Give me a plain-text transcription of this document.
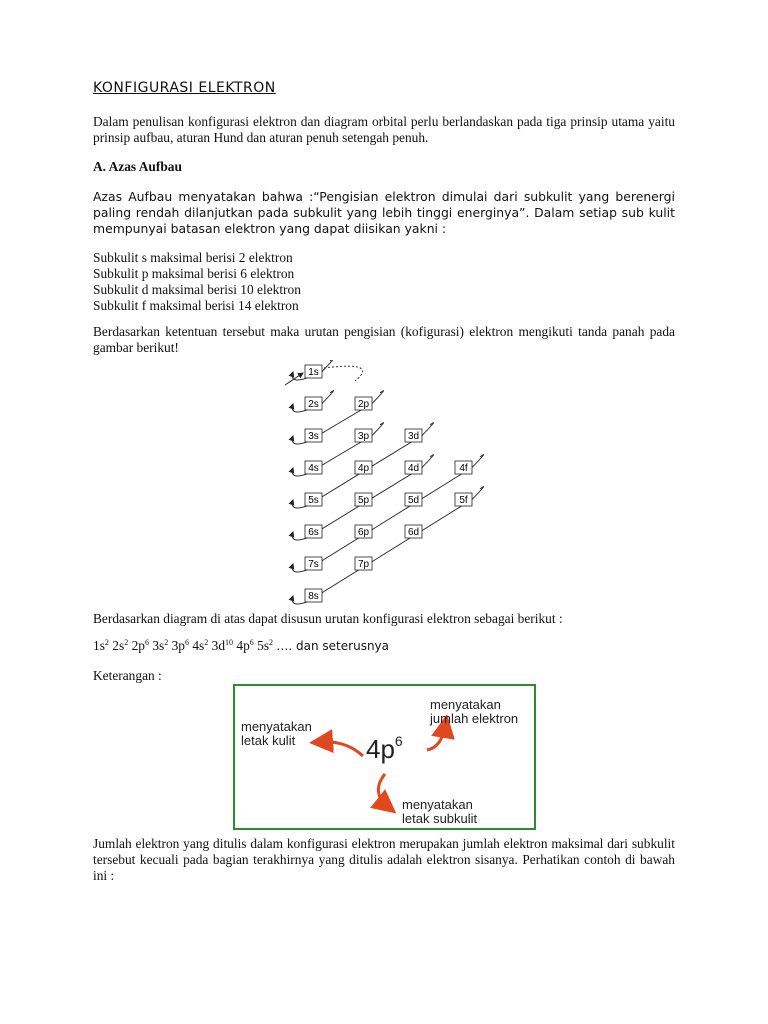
KONFIGURASI ELEKTRON
Dalam penulisan konfigurasi elektron dan diagram orbital perlu berlandaskan pada tiga prinsip utama yaitu prinsip aufbau, aturan Hund dan aturan penuh setengah penuh.
A. Azas Aufbau
Azas Aufbau menyatakan bahwa :“Pengisian elektron dimulai dari subkulit yang berenergi paling rendah dilanjutkan pada subkulit yang lebih tinggi energinya”. Dalam setiap sub kulit mempunyai batasan elektron yang dapat diisikan yakni :
Subkulit s maksimal berisi 2 elektron
Subkulit p maksimal berisi 6 elektron
Subkulit d maksimal berisi 10 elektron
Subkulit f maksimal berisi 14 elektron
Berdasarkan ketentuan tersebut maka urutan pengisian (kofigurasi) elektron mengikuti tanda panah pada gambar berikut!
1s
2s	2p
3s	3p	3d
4s	4p	4d	4f
5s	5p	5d	5f
6s	6p	6d
7s	7p
8s
Berdasarkan diagram di atas dapat disusun urutan konfigurasi elektron sebagai berikut :
$1s^2$ $2s^2$ $2p^6$ $3s^2$ $3p^6$ $4s^2$ $3d^{10}$ $4p^6$ $5s^2$ …. dan seterusnya
Keterangan :
menyatakan
letak kulit
menyatakan
jumlah elektron
menyatakan
letak subkulit
$4p^6$
Jumlah elektron yang ditulis dalam konfigurasi elektron merupakan jumlah elektron maksimal dari subkulit tersebut kecuali pada bagian terakhirnya yang ditulis adalah elektron sisanya. Perhatikan contoh di bawah ini :
